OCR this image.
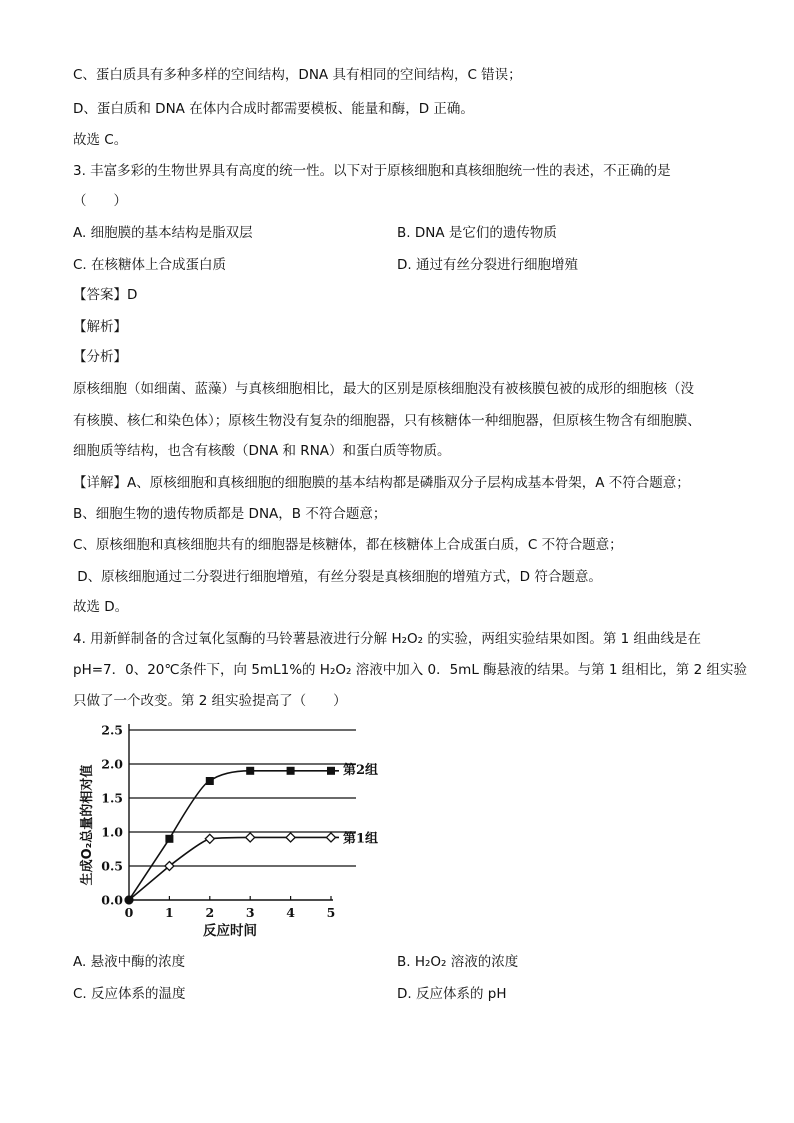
C、蛋白质具有多种多样的空间结构，DNA 具有相同的空间结构，C 错误；
D、蛋白质和 DNA 在体内合成时都需要模板、能量和酶，D 正确。
故选 C。
3. 丰富多彩的生物世界具有高度的统一性。以下对于原核细胞和真核细胞统一性的表述，不正确的是
（　　）
A. 细胞膜的基本结构是脂双层	B. DNA 是它们的遗传物质
C. 在核糖体上合成蛋白质	D. 通过有丝分裂进行细胞增殖
【答案】D
【解析】
【分析】
原核细胞（如细菌、蓝藻）与真核细胞相比，最大的区别是原核细胞没有被核膜包被的成形的细胞核（没
有核膜、核仁和染色体）；原核生物没有复杂的细胞器，只有核糖体一种细胞器，但原核生物含有细胞膜、
细胞质等结构，也含有核酸（DNA 和 RNA）和蛋白质等物质。
【详解】A、原核细胞和真核细胞的细胞膜的基本结构都是磷脂双分子层构成基本骨架，A 不符合题意；
B、细胞生物的遗传物质都是 DNA，B 不符合题意；
C、原核细胞和真核细胞共有的细胞器是核糖体，都在核糖体上合成蛋白质，C 不符合题意；
D、原核细胞通过二分裂进行细胞增殖，有丝分裂是真核细胞的增殖方式，D 符合题意。
故选 D。
4. 用新鲜制备的含过氧化氢酶的马铃薯悬液进行分解 H₂O₂ 的实验，两组实验结果如图。第 1 组曲线是在
pH=7．0、20℃条件下，向 5mL1%的 H₂O₂ 溶液中加入 0．5mL 酶悬液的结果。与第 1 组相比，第 2 组实验
只做了一个改变。第 2 组实验提高了（　　）
0.0
0.5
1.0
1.5
2.0
2.5
0	1	2	3	4	5
反应时间
生成O₂总量的相对值	第2组
第1组
A. 悬液中酶的浓度	B. H₂O₂ 溶液的浓度
C. 反应体系的温度	D. 反应体系的 pH
